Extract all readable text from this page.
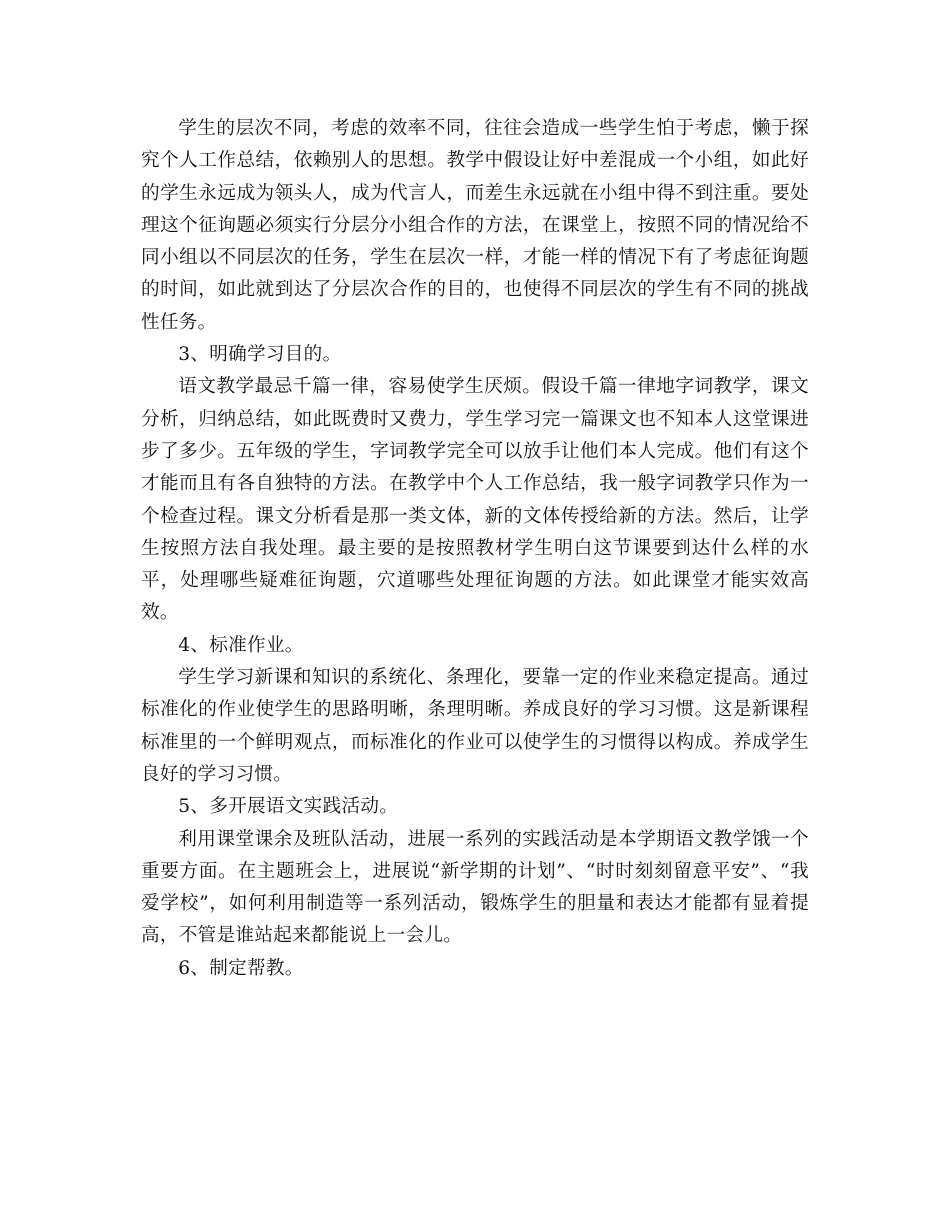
学生的层次不同，考虑的效率不同，往往会造成一些学生怕于考虑，懒于探究个人工作总结，依赖别人的思想。教学中假设让好中差混成一个小组，如此好的学生永远成为领头人，成为代言人，而差生永远就在小组中得不到注重。要处理这个征询题必须实行分层分小组合作的方法，在课堂上，按照不同的情况给不同小组以不同层次的任务，学生在层次一样，才能一样的情况下有了考虑征询题的时间，如此就到达了分层次合作的目的，也使得不同层次的学生有不同的挑战性任务。

3、明确学习目的。

语文教学最忌千篇一律，容易使学生厌烦。假设千篇一律地字词教学，课文分析，归纳总结，如此既费时又费力，学生学习完一篇课文也不知本人这堂课进步了多少。五年级的学生，字词教学完全可以放手让他们本人完成。他们有这个才能而且有各自独特的方法。在教学中个人工作总结，我一般字词教学只作为一个检查过程。课文分析看是那一类文体，新的文体传授给新的方法。然后，让学生按照方法自我处理。最主要的是按照教材学生明白这节课要到达什么样的水平，处理哪些疑难征询题，穴道哪些处理征询题的方法。如此课堂才能实效高效。

4、标准作业。

学生学习新课和知识的系统化、条理化，要靠一定的作业来稳定提高。通过标准化的作业使学生的思路明晰，条理明晰。养成良好的学习习惯。这是新课程标准里的一个鲜明观点，而标准化的作业可以使学生的习惯得以构成。养成学生良好的学习习惯。

5、多开展语文实践活动。

利用课堂课余及班队活动，进展一系列的实践活动是本学期语文教学饿一个重要方面。在主题班会上，进展说“新学期的计划”、“时时刻刻留意平安”、“我爱学校”，如何利用制造等一系列活动，锻炼学生的胆量和表达才能都有显着提高，不管是谁站起来都能说上一会儿。

6、制定帮教。
